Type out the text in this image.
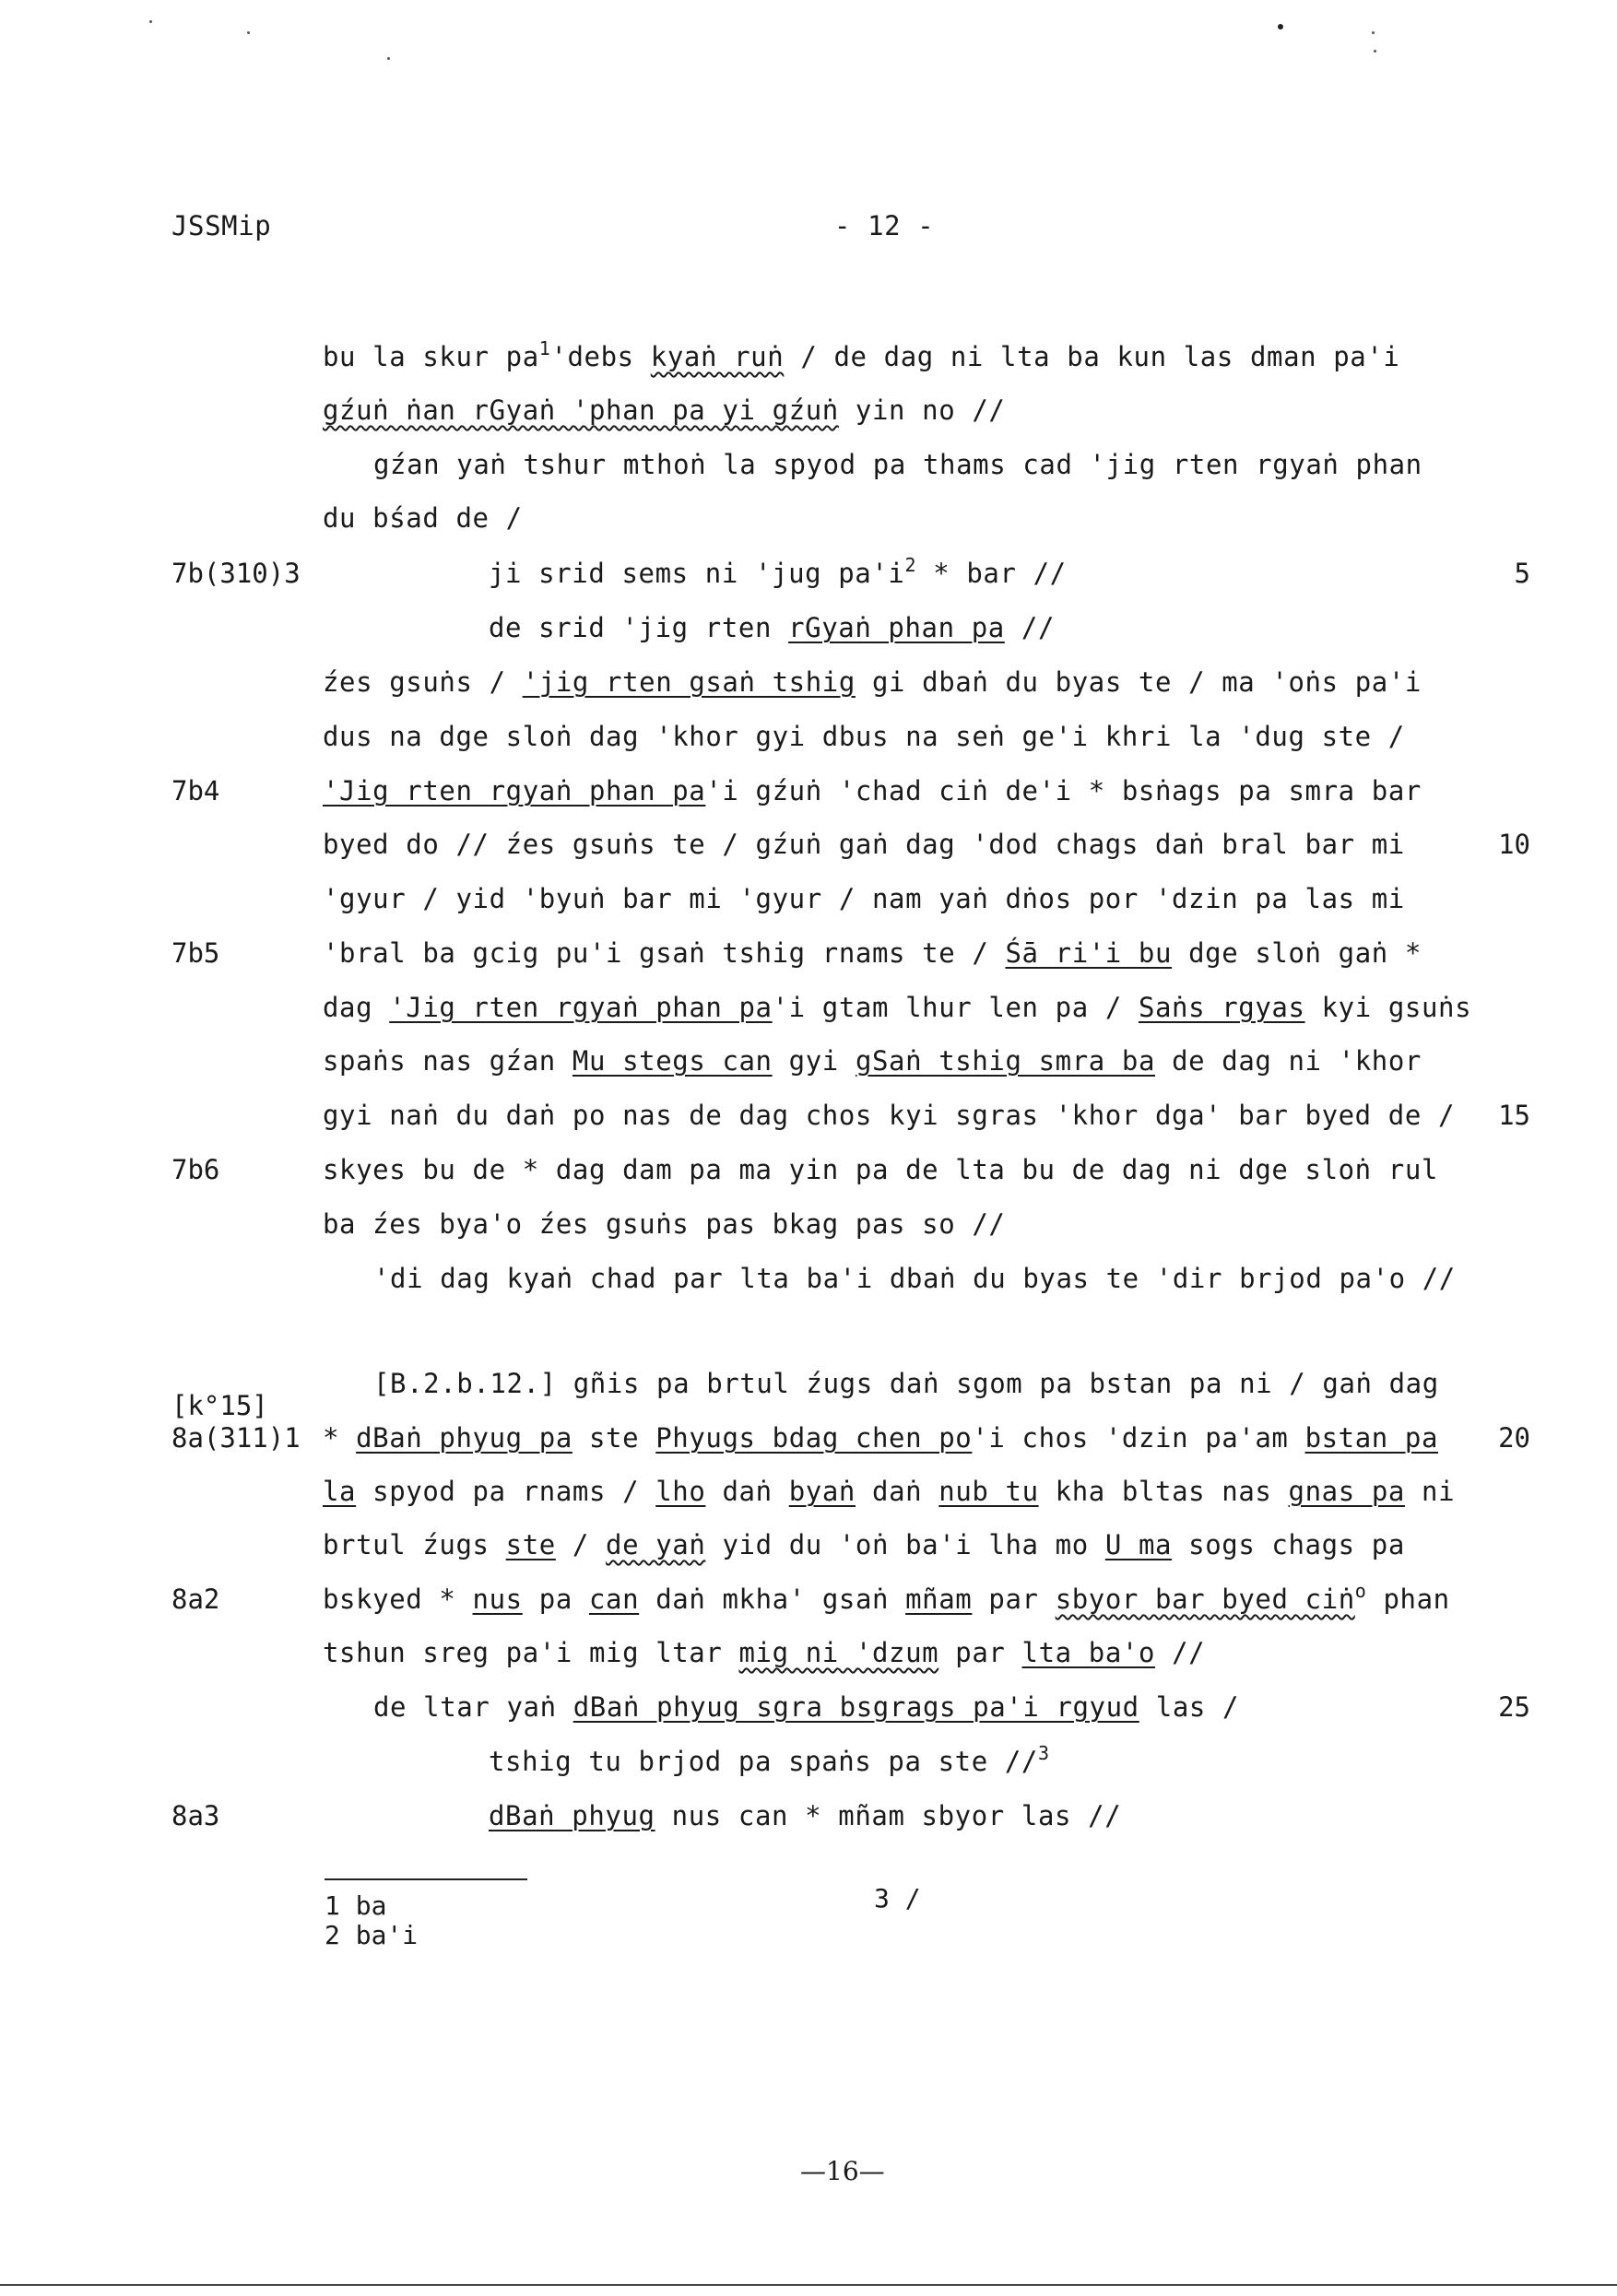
JSSMip	- 12 -
bu la skur $pa^1'debs$ kyaṅ ruṅ / de dag ni lta ba kun las dman pa'i
gźuṅ ṅan rGyaṅ 'phan pa yi gźuṅ yin no //
gźan yaṅ tshur mthoṅ la spyod pa thams cad 'jig rten rgyaṅ phan
du bśad de /
ji srid sems ni 'jug $pa'i^2$ * bar //
de srid 'jig rten rGyaṅ phan pa //
źes gsuṅs / 'jig rten gsaṅ tshig gi dbaṅ du byas te / ma 'oṅs pa'i
dus na dge sloṅ dag 'khor gyi dbus na seṅ ge'i khri la 'dug ste /
'Jig rten rgyaṅ phan pa'i gźuṅ 'chad ciṅ de'i * bsṅags pa smra bar
byed do // źes gsuṅs te / gźuṅ gaṅ dag 'dod chags daṅ bral bar mi
'gyur / yid 'byuṅ bar mi 'gyur / nam yaṅ dṅos por 'dzin pa las mi
'bral ba gcig pu'i gsaṅ tshig rnams te / Śā ri'i bu dge sloṅ gaṅ *
dag 'Jig rten rgyaṅ phan pa'i gtam lhur len pa / Saṅs rgyas kyi gsuṅs
spaṅs nas gźan Mu stegs can gyi gSaṅ tshig smra ba de dag ni 'khor
gyi naṅ du daṅ po nas de dag chos kyi sgras 'khor dga' bar byed de /
skyes bu de * dag dam pa ma yin pa de lta bu de dag ni dge sloṅ rul
ba źes bya'o źes gsuṅs pas bkag pas so //
'di dag kyaṅ chad par lta ba'i dbaṅ du byas te 'dir brjod pa'o //
[B.2.b.12.] gñis pa brtul źugs daṅ sgom pa bstan pa ni / gaṅ dag
* dBaṅ phyug pa ste Phyugs bdag chen po'i chos 'dzin pa'am bstan pa
la spyod pa rnams / lho daṅ byaṅ daṅ nub tu kha bltas nas gnas pa ni
brtul źugs ste / de yaṅ yid du 'oṅ ba'i lha mo U ma sogs chags pa
bskyed * nus pa can daṅ mkha' gsaṅ mñam par sbyor bar byed ciṅ$^o$ phan
tshun sreg pa'i mig ltar mig ni 'dzum par lta ba'o //
de ltar yaṅ dBaṅ phyug sgra bsgrags pa'i rgyud las /
tshig tu brjod pa spaṅs pa ste //$^3$
dBaṅ phyug nus can * mñam sbyor las //
7b(310)3
7b4
7b5
7b6
[k°15]
8a(311)1
8a2
8a3
5
10
15
20
25
1 ba
2 ba'i
3 /
—16—
